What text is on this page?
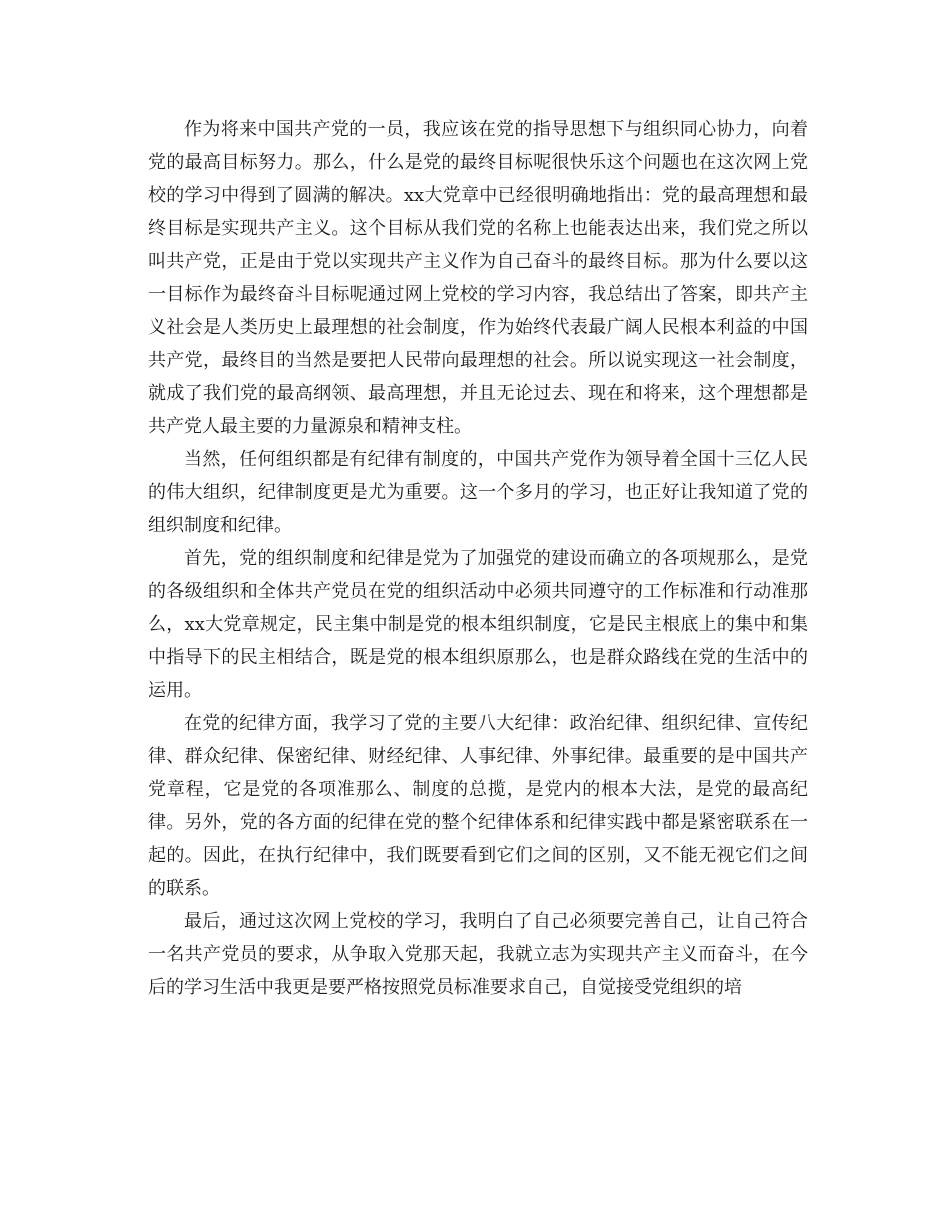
作为将来中国共产党的一员，我应该在党的指导思想下与组织同心协力，向着党的最高目标努力。那么，什么是党的最终目标呢很快乐这个问题也在这次网上党校的学习中得到了圆满的解决。xx大党章中已经很明确地指出：党的最高理想和最终目标是实现共产主义。这个目标从我们党的名称上也能表达出来，我们党之所以叫共产党，正是由于党以实现共产主义作为自己奋斗的最终目标。那为什么要以这一目标作为最终奋斗目标呢通过网上党校的学习内容，我总结出了答案，即共产主义社会是人类历史上最理想的社会制度，作为始终代表最广阔人民根本利益的中国共产党，最终目的当然是要把人民带向最理想的社会。所以说实现这一社会制度，就成了我们党的最高纲领、最高理想，并且无论过去、现在和将来，这个理想都是共产党人最主要的力量源泉和精神支柱。

当然，任何组织都是有纪律有制度的，中国共产党作为领导着全国十三亿人民的伟大组织，纪律制度更是尤为重要。这一个多月的学习，也正好让我知道了党的组织制度和纪律。

首先，党的组织制度和纪律是党为了加强党的建设而确立的各项规那么，是党的各级组织和全体共产党员在党的组织活动中必须共同遵守的工作标准和行动准那么，xx大党章规定，民主集中制是党的根本组织制度，它是民主根底上的集中和集中指导下的民主相结合，既是党的根本组织原那么，也是群众路线在党的生活中的运用。

在党的纪律方面，我学习了党的主要八大纪律：政治纪律、组织纪律、宣传纪律、群众纪律、保密纪律、财经纪律、人事纪律、外事纪律。最重要的是中国共产党章程，它是党的各项准那么、制度的总揽，是党内的根本大法，是党的最高纪律。另外，党的各方面的纪律在党的整个纪律体系和纪律实践中都是紧密联系在一起的。因此，在执行纪律中，我们既要看到它们之间的区别，又不能无视它们之间的联系。

最后，通过这次网上党校的学习，我明白了自己必须要完善自己，让自己符合一名共产党员的要求，从争取入党那天起，我就立志为实现共产主义而奋斗，在今后的学习生活中我更是要严格按照党员标准要求自己，自觉接受党组织的培
